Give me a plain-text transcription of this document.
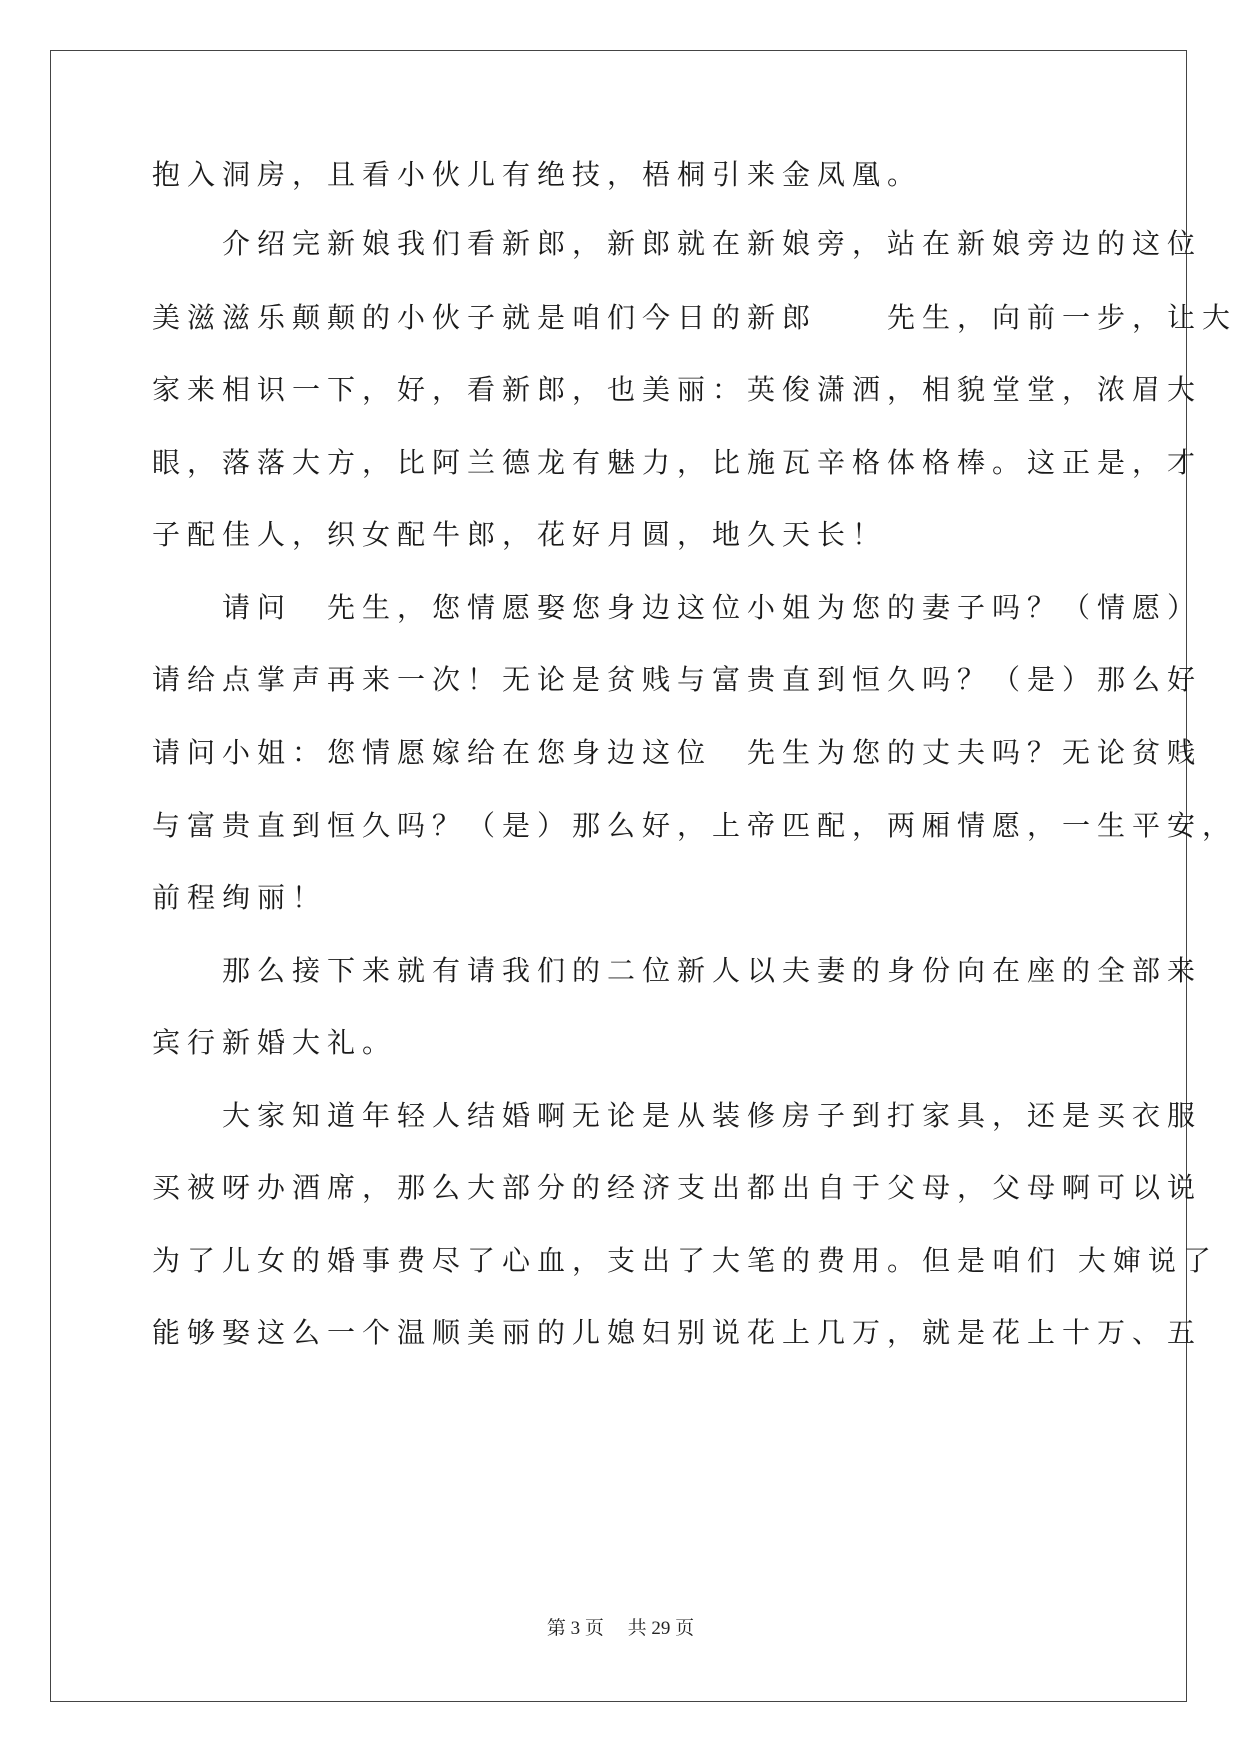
抱入洞房，且看小伙儿有绝技，梧桐引来金凤凰。

　　介绍完新娘我们看新郎，新郎就在新娘旁，站在新娘旁边的这位

美滋滋乐颠颠的小伙子就是咱们今日的新郎　　先生，向前一步，让大

家来相识一下，好，看新郎，也美丽：英俊潇洒，相貌堂堂，浓眉大

眼，落落大方，比阿兰德龙有魅力，比施瓦辛格体格棒。这正是，才

子配佳人，织女配牛郎，花好月圆，地久天长！

　　请问　先生，您情愿娶您身边这位小姐为您的妻子吗？（情愿）

请给点掌声再来一次！无论是贫贱与富贵直到恒久吗？（是）那么好

请问小姐：您情愿嫁给在您身边这位　先生为您的丈夫吗？无论贫贱

与富贵直到恒久吗？（是）那么好，上帝匹配，两厢情愿，一生平安，

前程绚丽！

　　那么接下来就有请我们的二位新人以夫妻的身份向在座的全部来

宾行新婚大礼。

　　大家知道年轻人结婚啊无论是从装修房子到打家具，还是买衣服

买被呀办酒席，那么大部分的经济支出都出自于父母，父母啊可以说

为了儿女的婚事费尽了心血，支出了大笔的费用。但是咱们 大婶说了

能够娶这么一个温顺美丽的儿媳妇别说花上几万，就是花上十万、五

第 3 页　 共 29 页
